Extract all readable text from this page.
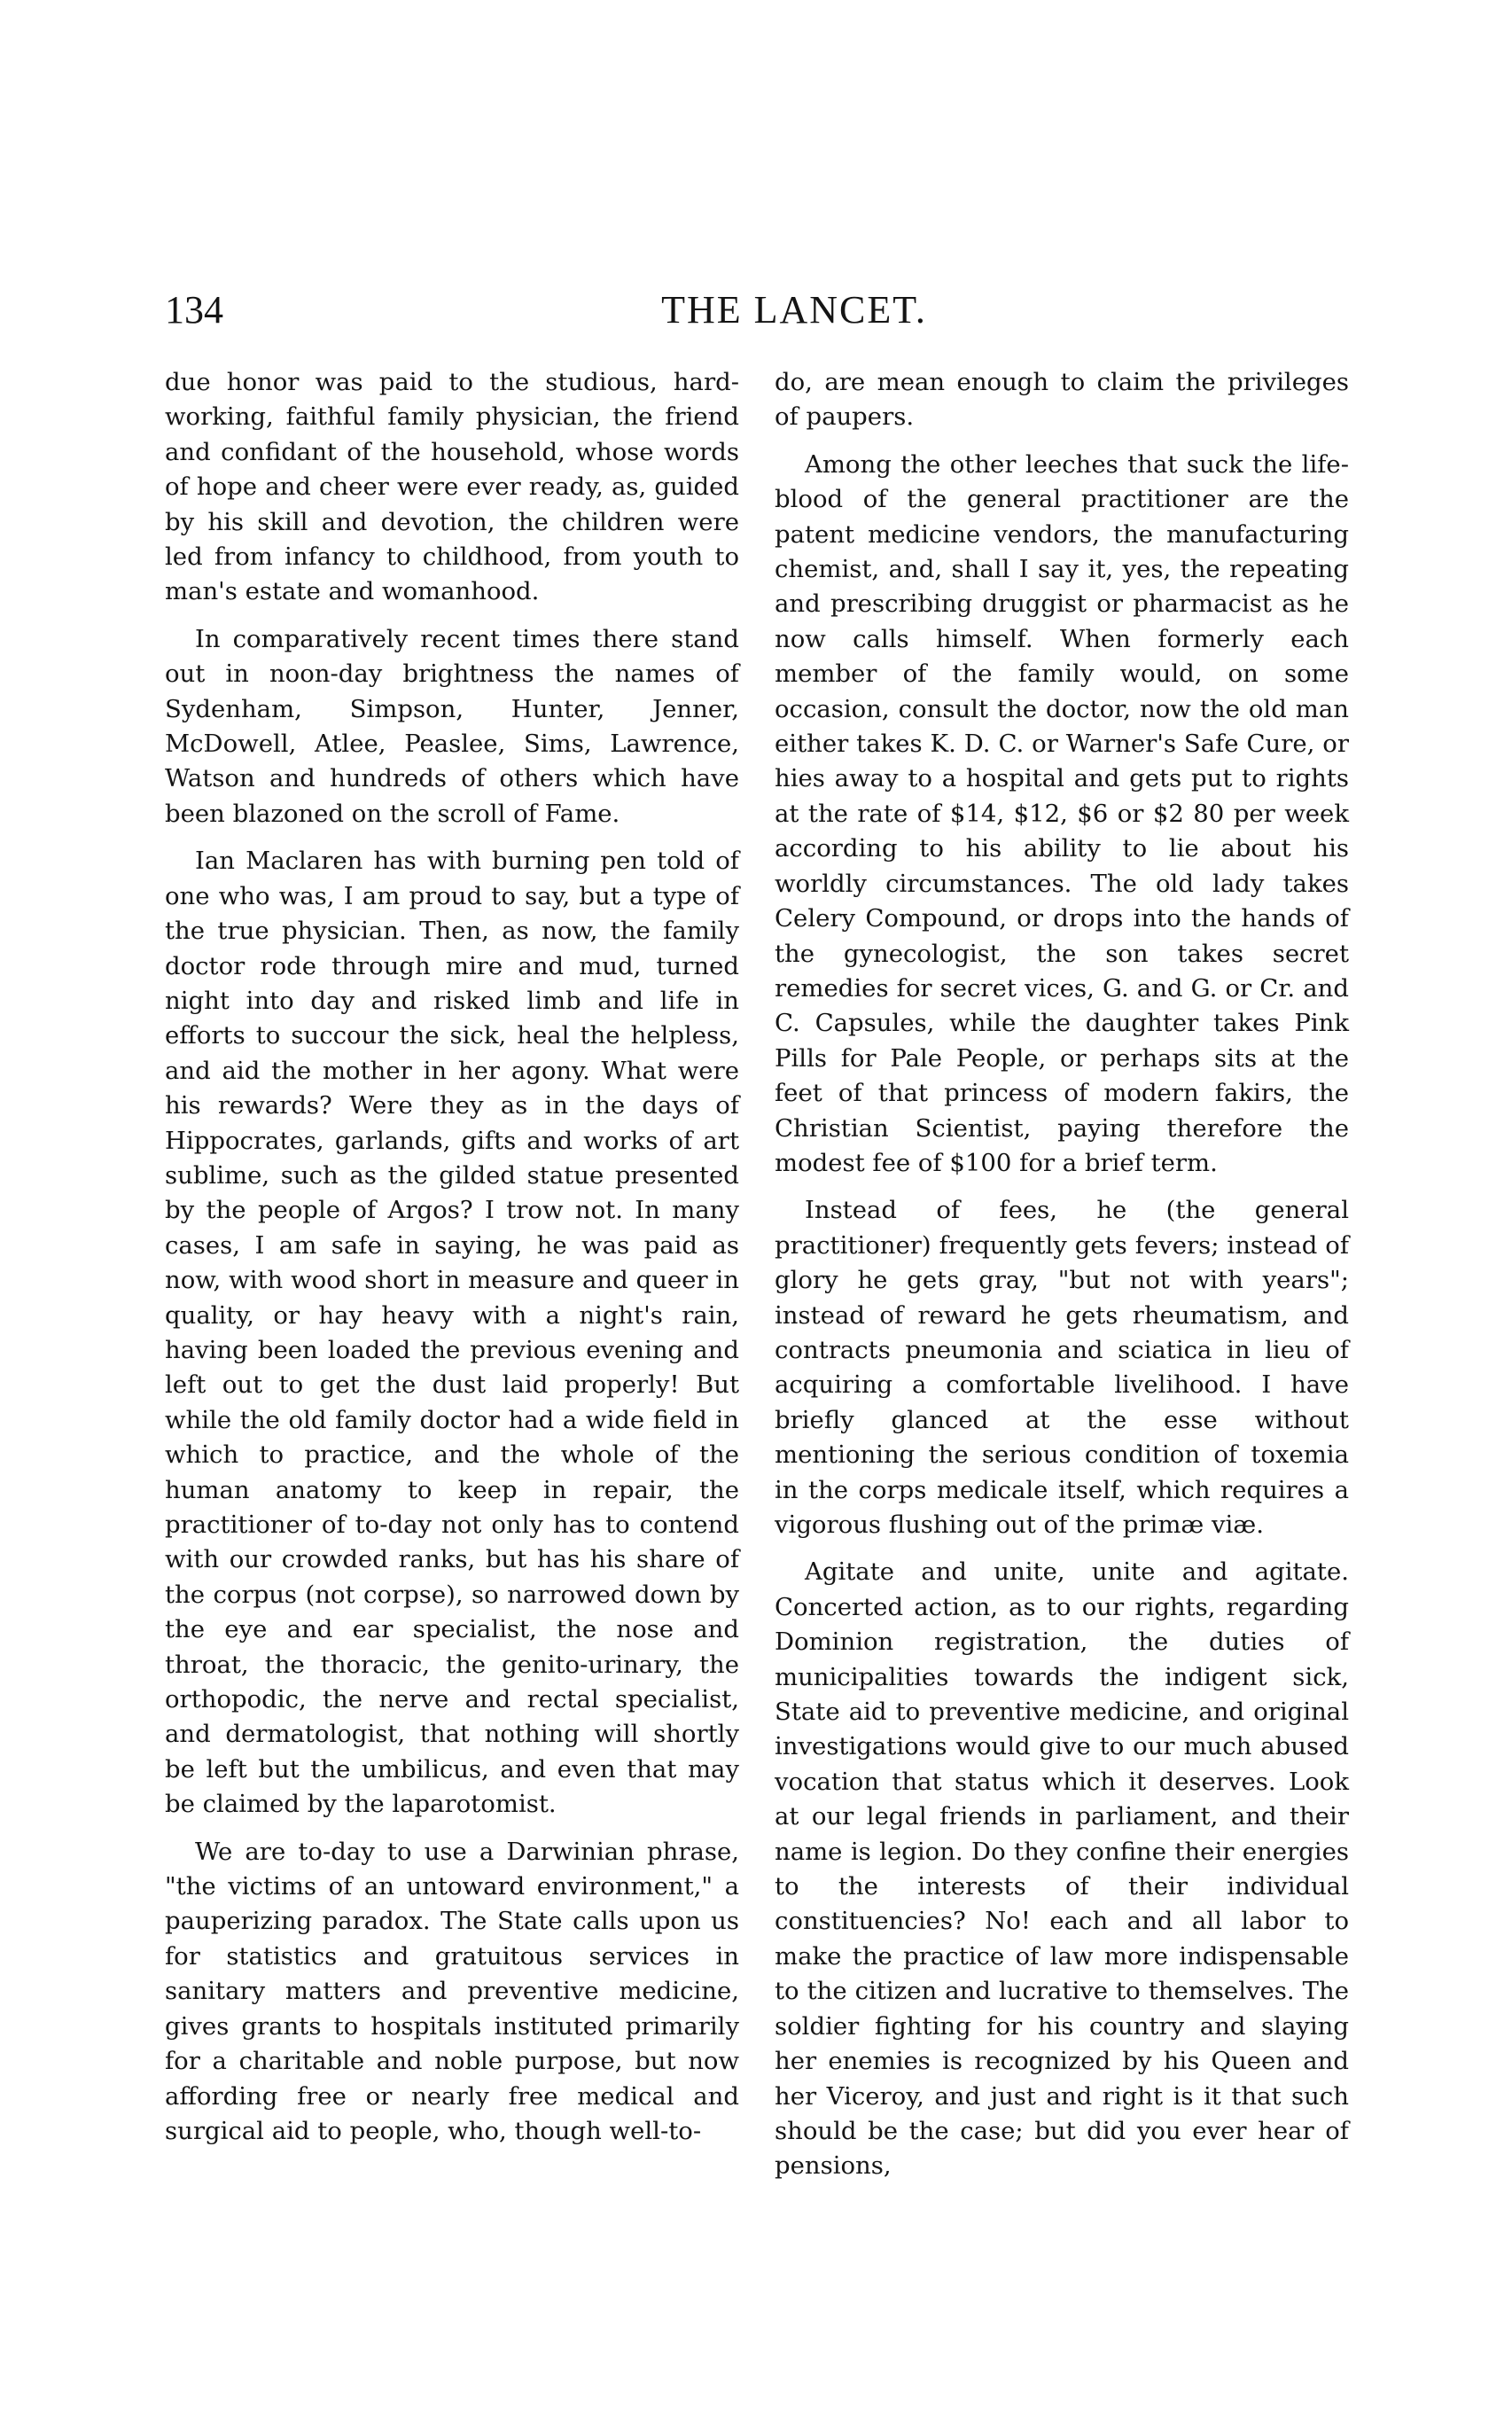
134	THE LANCET.

due honor was paid to the studious, hard-working, faithful family physician, the friend and confidant of the household, whose words of hope and cheer were ever ready, as, guided by his skill and devotion, the children were led from infancy to childhood, from youth to man's estate and womanhood.

In comparatively recent times there stand out in noon-day brightness the names of Sydenham, Simpson, Hunter, Jenner, McDowell, Atlee, Peaslee, Sims, Lawrence, Watson and hundreds of others which have been blazoned on the scroll of Fame.

Ian Maclaren has with burning pen told of one who was, I am proud to say, but a type of the true physician. Then, as now, the family doctor rode through mire and mud, turned night into day and risked limb and life in efforts to succour the sick, heal the helpless, and aid the mother in her agony. What were his rewards? Were they as in the days of Hippocrates, garlands, gifts and works of art sublime, such as the gilded statue presented by the people of Argos? I trow not. In many cases, I am safe in saying, he was paid as now, with wood short in measure and queer in quality, or hay heavy with a night's rain, having been loaded the previous evening and left out to get the dust laid properly! But while the old family doctor had a wide field in which to practice, and the whole of the human anatomy to keep in repair, the practitioner of to-day not only has to contend with our crowded ranks, but has his share of the corpus (not corpse), so narrowed down by the eye and ear specialist, the nose and throat, the thoracic, the genito-urinary, the orthopodic, the nerve and rectal specialist, and dermatologist, that nothing will shortly be left but the umbilicus, and even that may be claimed by the laparotomist.

We are to-day to use a Darwinian phrase, "the victims of an untoward environment," a pauperizing paradox. The State calls upon us for statistics and gratuitous services in sanitary matters and preventive medicine, gives grants to hospitals instituted primarily for a charitable and noble purpose, but now affording free or nearly free medical and surgical aid to people, who, though well-to-

do, are mean enough to claim the privileges of paupers.

Among the other leeches that suck the life-blood of the general practitioner are the patent medicine vendors, the manufacturing chemist, and, shall I say it, yes, the repeating and prescribing druggist or pharmacist as he now calls himself. When formerly each member of the family would, on some occasion, consult the doctor, now the old man either takes K. D. C. or Warner's Safe Cure, or hies away to a hospital and gets put to rights at the rate of $14, $12, $6 or $2 80 per week according to his ability to lie about his worldly circumstances. The old lady takes Celery Compound, or drops into the hands of the gynecologist, the son takes secret remedies for secret vices, G. and G. or Cr. and C. Capsules, while the daughter takes Pink Pills for Pale People, or perhaps sits at the feet of that princess of modern fakirs, the Christian Scientist, paying therefore the modest fee of $100 for a brief term.

Instead of fees, he (the general practitioner) frequently gets fevers; instead of glory he gets gray, "but not with years"; instead of reward he gets rheumatism, and contracts pneumonia and sciatica in lieu of acquiring a comfortable livelihood. I have briefly glanced at the esse without mentioning the serious condition of toxemia in the corps medicale itself, which requires a vigorous flushing out of the primæ viæ.

Agitate and unite, unite and agitate. Concerted action, as to our rights, regarding Dominion registration, the duties of municipalities towards the indigent sick, State aid to preventive medicine, and original investigations would give to our much abused vocation that status which it deserves. Look at our legal friends in parliament, and their name is legion. Do they confine their energies to the interests of their individual constituencies? No! each and all labor to make the practice of law more indispensable to the citizen and lucrative to themselves. The soldier fighting for his country and slaying her enemies is recognized by his Queen and her Viceroy, and just and right is it that such should be the case; but did you ever hear of pensions,
